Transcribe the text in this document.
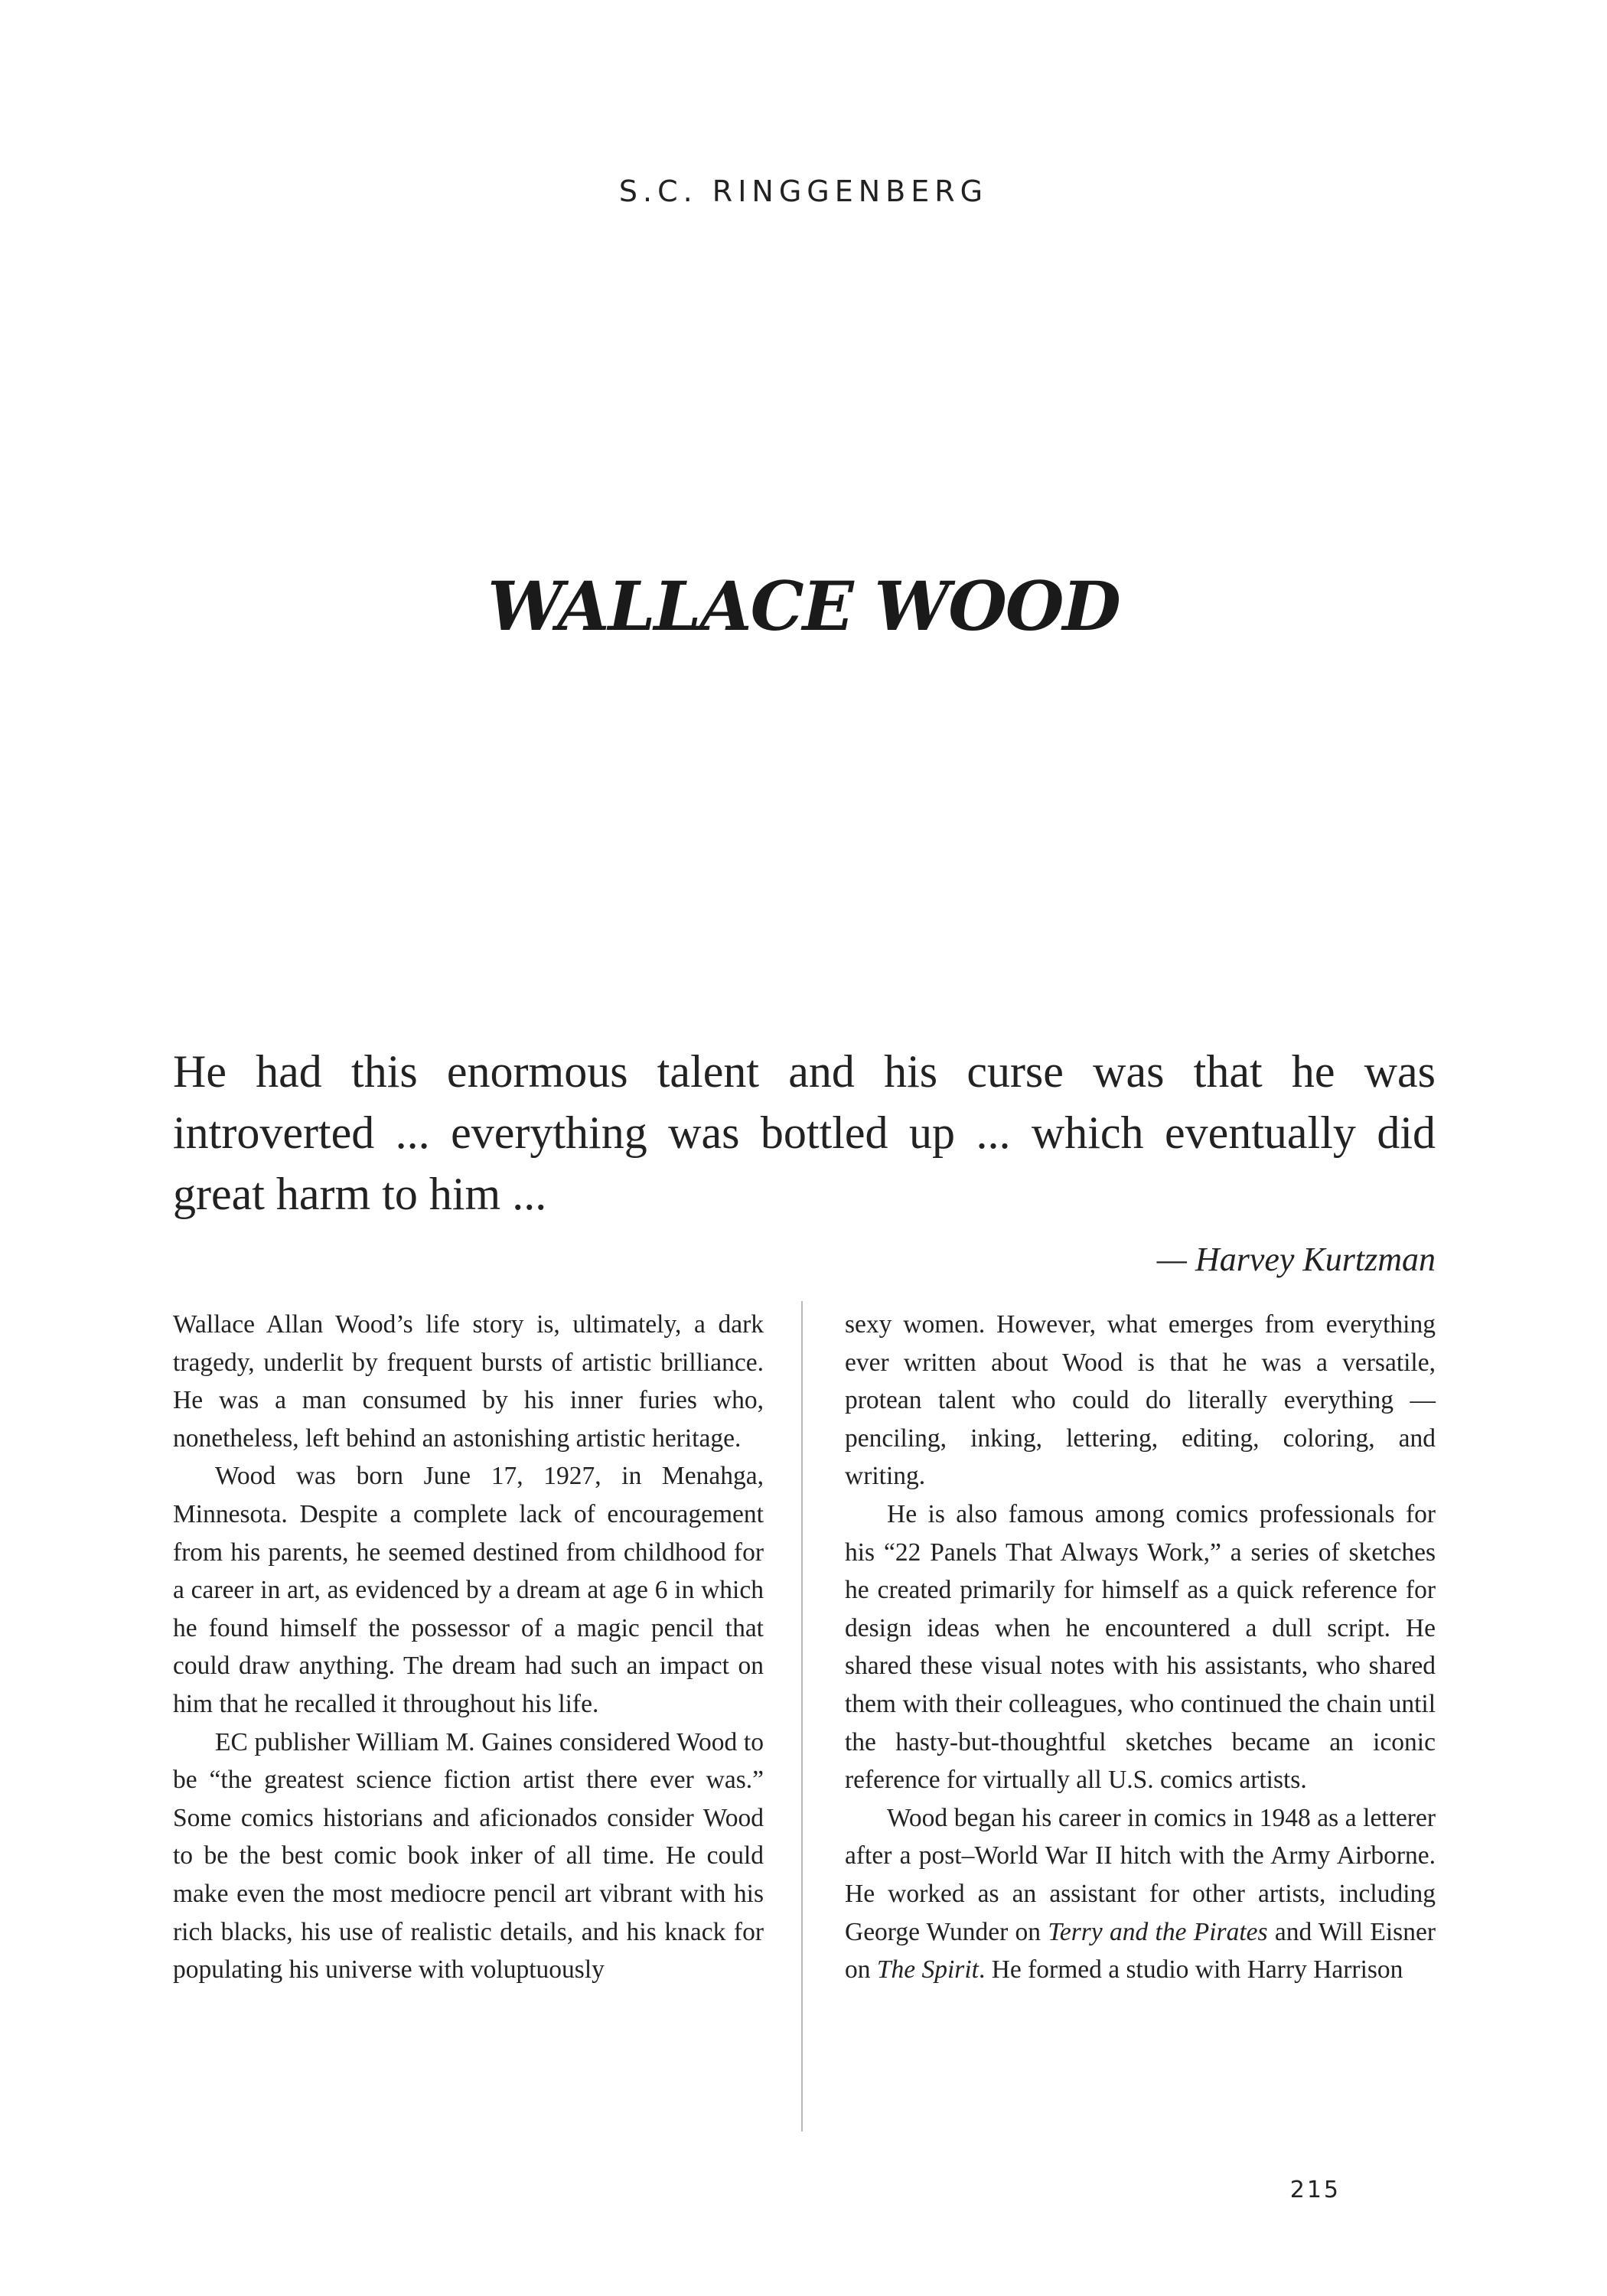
S.C. RINGGENBERG
WALLACE WOOD
He had this enormous talent and his curse was that he was introverted ... everything was bottled up ... which eventually did great harm to him ...
— Harvey Kurtzman

Wallace Allan Wood’s life story is, ultimately, a dark tragedy, underlit by frequent bursts of artistic brilliance. He was a man consumed by his inner furies who, nonetheless, left behind an astonishing artistic heritage.

Wood was born June 17, 1927, in Menahga, Minnesota. Despite a complete lack of encouragement from his parents, he seemed destined from childhood for a career in art, as evidenced by a dream at age 6 in which he found himself the possessor of a magic pencil that could draw anything. The dream had such an impact on him that he recalled it throughout his life.

EC publisher William M. Gaines considered Wood to be “the greatest science fiction artist there ever was.” Some comics historians and aficionados consider Wood to be the best comic book inker of all time. He could make even the most mediocre pencil art vibrant with his rich blacks, his use of realistic details, and his knack for populating his universe with voluptuously

sexy women. However, what emerges from everything ever written about Wood is that he was a versatile, protean talent who could do literally everything — penciling, inking, lettering, editing, coloring, and writing.

He is also famous among comics professionals for his “22 Panels That Always Work,” a series of sketches he created primarily for himself as a quick reference for design ideas when he encountered a dull script. He shared these visual notes with his assistants, who shared them with their colleagues, who continued the chain until the hasty-but-thoughtful sketches became an iconic reference for virtually all U.S. comics artists.

Wood began his career in comics in 1948 as a letterer after a post–World War II hitch with the Army Airborne. He worked as an assistant for other artists, including George Wunder on Terry and the Pirates and Will Eisner on The Spirit. He formed a studio with Harry Harrison

215
